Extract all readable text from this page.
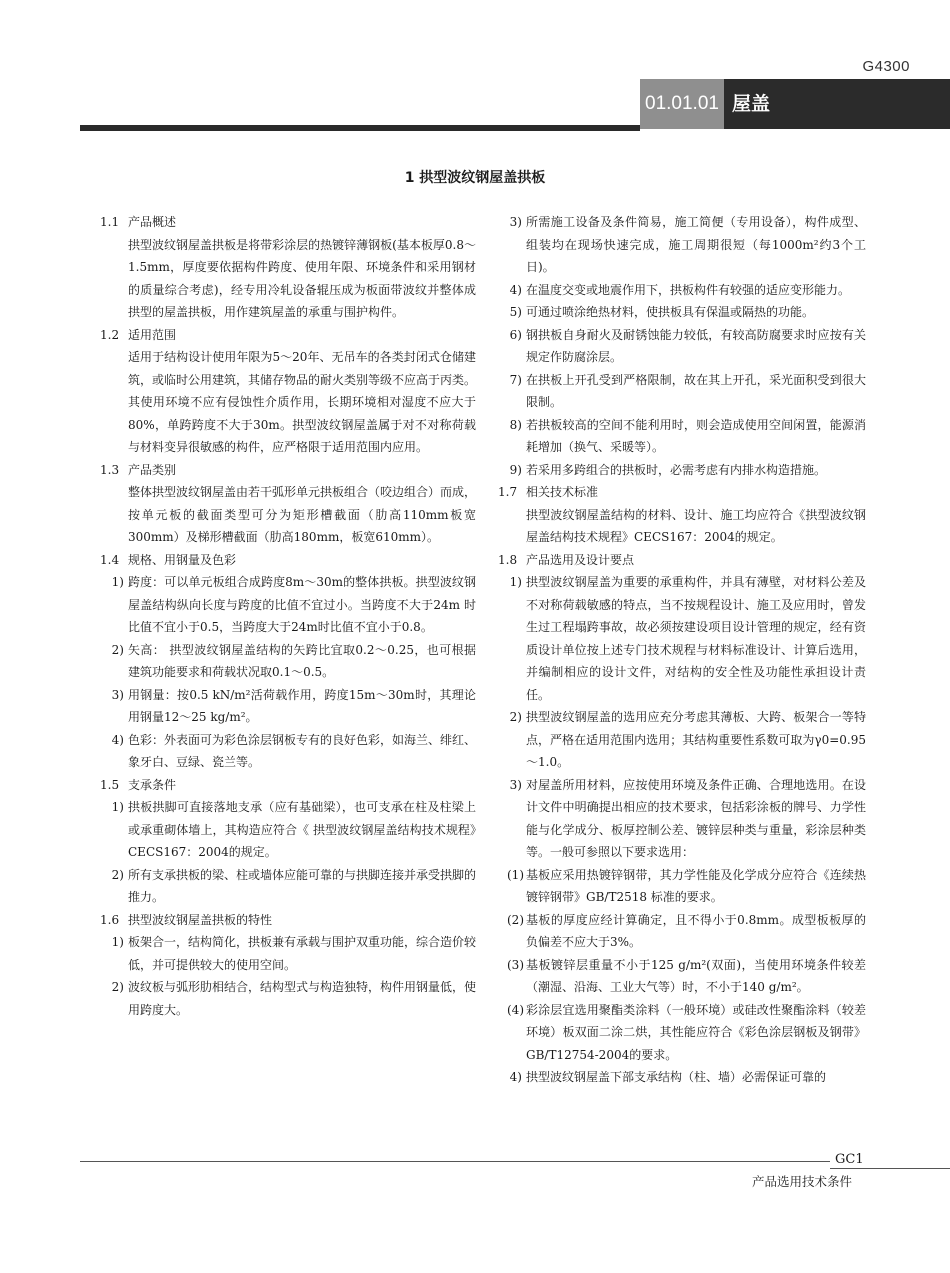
G4300
01.01.01 屋盖
1 拱型波纹钢屋盖拱板
1.1 产品概述
拱型波纹钢屋盖拱板是将带彩涂层的热镀锌薄钢板(基本板厚0.8～1.5mm，厚度要依据构件跨度、使用年限、环境条件和采用钢材的质量综合考虑)，经专用冷轧设备辊压成为板面带波纹并整体成拱型的屋盖拱板，用作建筑屋盖的承重与围护构件。
1.2 适用范围
适用于结构设计使用年限为5～20年、无吊车的各类封闭式仓储建筑，或临时公用建筑，其储存物品的耐火类别等级不应高于丙类。其使用环境不应有侵蚀性介质作用，长期环境相对湿度不应大于80%，单跨跨度不大于30m。拱型波纹钢屋盖属于对不对称荷载与材料变异很敏感的构件，应严格限于适用范围内应用。
1.3 产品类别
整体拱型波纹钢屋盖由若干弧形单元拱板组合（咬边组合）而成，按单元板的截面类型可分为矩形槽截面（肋高110mm板宽300mm）及梯形槽截面（肋高180mm，板宽610mm）。
1.4 规格、用钢量及色彩
1) 跨度：可以单元板组合成跨度8m～30m的整体拱板。拱型波纹钢屋盖结构纵向长度与跨度的比值不宜过小。当跨度不大于24m 时比值不宜小于0.5，当跨度大于24m时比值不宜小于0.8。
2) 矢高： 拱型波纹钢屋盖结构的矢跨比宜取0.2～0.25，也可根据建筑功能要求和荷载状况取0.1～0.5。
3) 用钢量：按0.5 kN/m²活荷载作用，跨度15m～30m时，其理论用钢量12～25 kg/m²。
4) 色彩：外表面可为彩色涂层钢板专有的良好色彩，如海兰、绯红、 象牙白、豆绿、瓷兰等。
1.5 支承条件
1) 拱板拱脚可直接落地支承（应有基础梁），也可支承在柱及柱梁上或承重砌体墙上，其构造应符合《 拱型波纹钢屋盖结构技术规程》CECS167：2004的规定。
2) 所有支承拱板的梁、柱或墙体应能可靠的与拱脚连接并承受拱脚的推力。
1.6 拱型波纹钢屋盖拱板的特性
1) 板架合一，结构简化，拱板兼有承载与围护双重功能，综合造价较低，并可提供较大的使用空间。
2) 波纹板与弧形肋相结合，结构型式与构造独特，构件用钢量低，使用跨度大。
3) 所需施工设备及条件简易，施工简便（专用设备），构件成型、组装均在现场快速完成，施工周期很短（每1000m²约3个工日)。
4) 在温度交变或地震作用下，拱板构件有较强的适应变形能力。
5) 可通过喷涂绝热材料，使拱板具有保温或隔热的功能。
6) 钢拱板自身耐火及耐锈蚀能力较低，有较高防腐要求时应按有关规定作防腐涂层。
7) 在拱板上开孔受到严格限制，故在其上开孔，采光面积受到很大限制。
8) 若拱板较高的空间不能利用时，则会造成使用空间闲置，能源消耗增加（换气、采暖等）。
9) 若采用多跨组合的拱板时，必需考虑有内排水构造措施。
1.7 相关技术标准
拱型波纹钢屋盖结构的材料、设计、施工均应符合《拱型波纹钢屋盖结构技术规程》CECS167：2004的规定。
1.8 产品选用及设计要点
1) 拱型波纹钢屋盖为重要的承重构件，并具有薄壁，对材料公差及不对称荷载敏感的特点，当不按规程设计、施工及应用时，曾发生过工程塌跨事故，故必须按建设项目设计管理的规定，经有资质设计单位按上述专门技术规程与材料标准设计、计算后选用，并编制相应的设计文件，对结构的安全性及功能性承担设计责任。
2) 拱型波纹钢屋盖的选用应充分考虑其薄板、大跨、板架合一等特点，严格在适用范围内选用；其结构重要性系数可取为γ0=0.95～1.0。
3) 对屋盖所用材料，应按使用环境及条件正确、合理地选用。在设计文件中明确提出相应的技术要求，包括彩涂板的牌号、力学性能与化学成分、板厚控制公差、镀锌层种类与重量，彩涂层种类等。一般可参照以下要求选用：
(1) 基板应采用热镀锌钢带，其力学性能及化学成分应符合《连续热镀锌钢带》GB/T2518 标准的要求。
(2) 基板的厚度应经计算确定，且不得小于0.8mm。成型板板厚的负偏差不应大于3%。
(3) 基板镀锌层重量不小于125 g/m²(双面)，当使用环境条件较差（潮湿、沿海、工业大气等）时，不小于140 g/m²。
(4) 彩涂层宜选用聚酯类涂料（一般环境）或硅改性聚酯涂料（较差环境）板双面二涂二烘，其性能应符合《彩色涂层钢板及钢带》GB/T12754-2004的要求。
4) 拱型波纹钢屋盖下部支承结构（柱、墙）必需保证可靠的
GC1
产品选用技术条件
